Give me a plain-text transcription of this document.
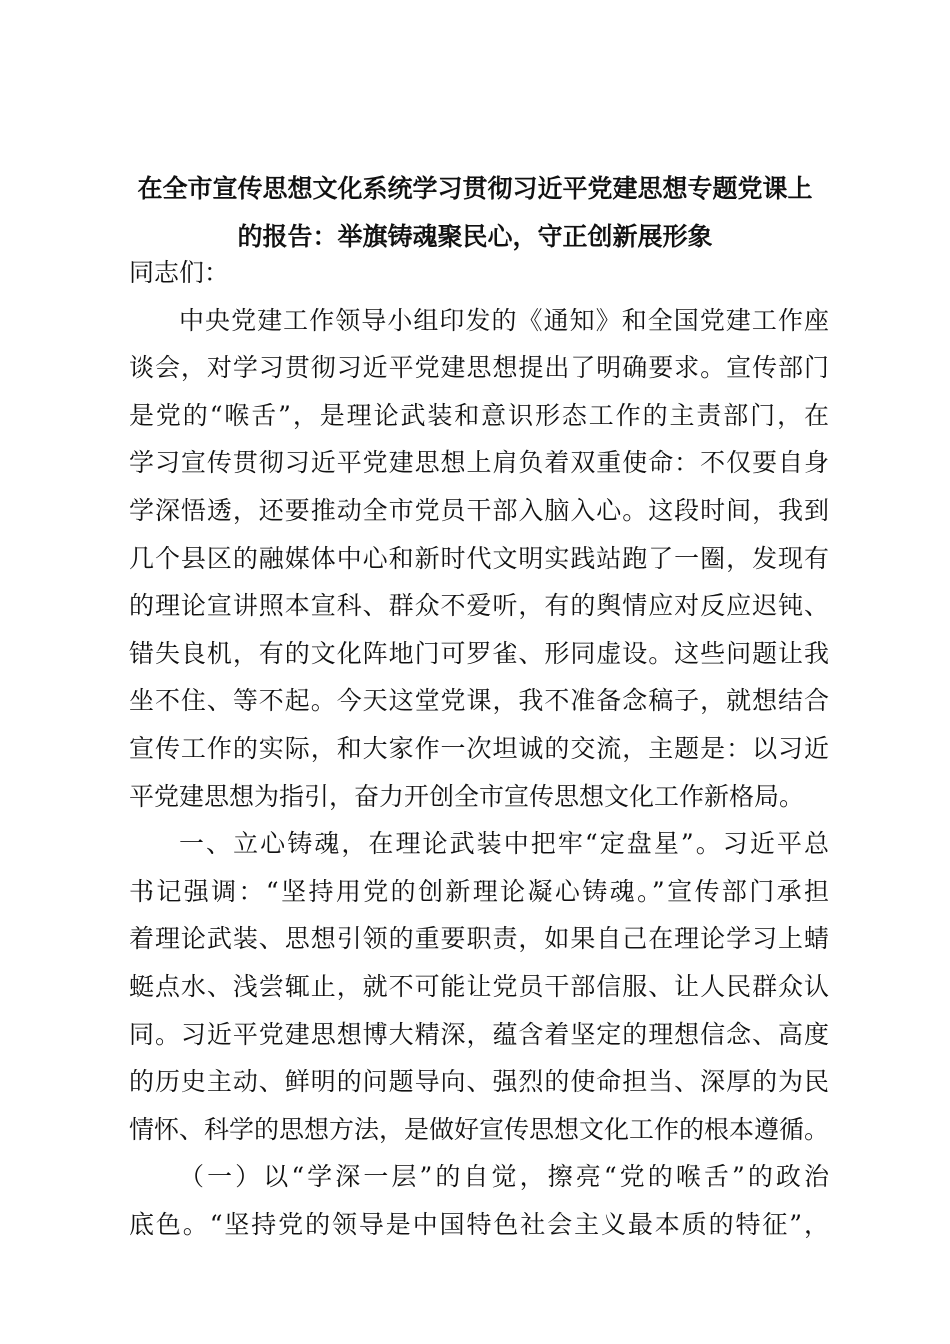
在全市宣传思想文化系统学习贯彻习近平党建思想专题党课上
的报告：举旗铸魂聚民心，守正创新展形象
同志们：
中央党建工作领导小组印发的《通知》和全国党建工作座
谈会，对学习贯彻习近平党建思想提出了明确要求。宣传部门
是党的“喉舌”，是理论武装和意识形态工作的主责部门，在
学习宣传贯彻习近平党建思想上肩负着双重使命：不仅要自身
学深悟透，还要推动全市党员干部入脑入心。这段时间，我到
几个县区的融媒体中心和新时代文明实践站跑了一圈，发现有
的理论宣讲照本宣科、群众不爱听，有的舆情应对反应迟钝、
错失良机，有的文化阵地门可罗雀、形同虚设。这些问题让我
坐不住、等不起。今天这堂党课，我不准备念稿子，就想结合
宣传工作的实际，和大家作一次坦诚的交流，主题是：以习近
平党建思想为指引，奋力开创全市宣传思想文化工作新格局。
一、立心铸魂，在理论武装中把牢“定盘星”。习近平总
书记强调：“坚持用党的创新理论凝心铸魂。”宣传部门承担
着理论武装、思想引领的重要职责，如果自己在理论学习上蜻
蜓点水、浅尝辄止，就不可能让党员干部信服、让人民群众认
同。习近平党建思想博大精深，蕴含着坚定的理想信念、高度
的历史主动、鲜明的问题导向、强烈的使命担当、深厚的为民
情怀、科学的思想方法，是做好宣传思想文化工作的根本遵循。
（一）以“学深一层”的自觉，擦亮“党的喉舌”的政治
底色。“坚持党的领导是中国特色社会主义最本质的特征”，
